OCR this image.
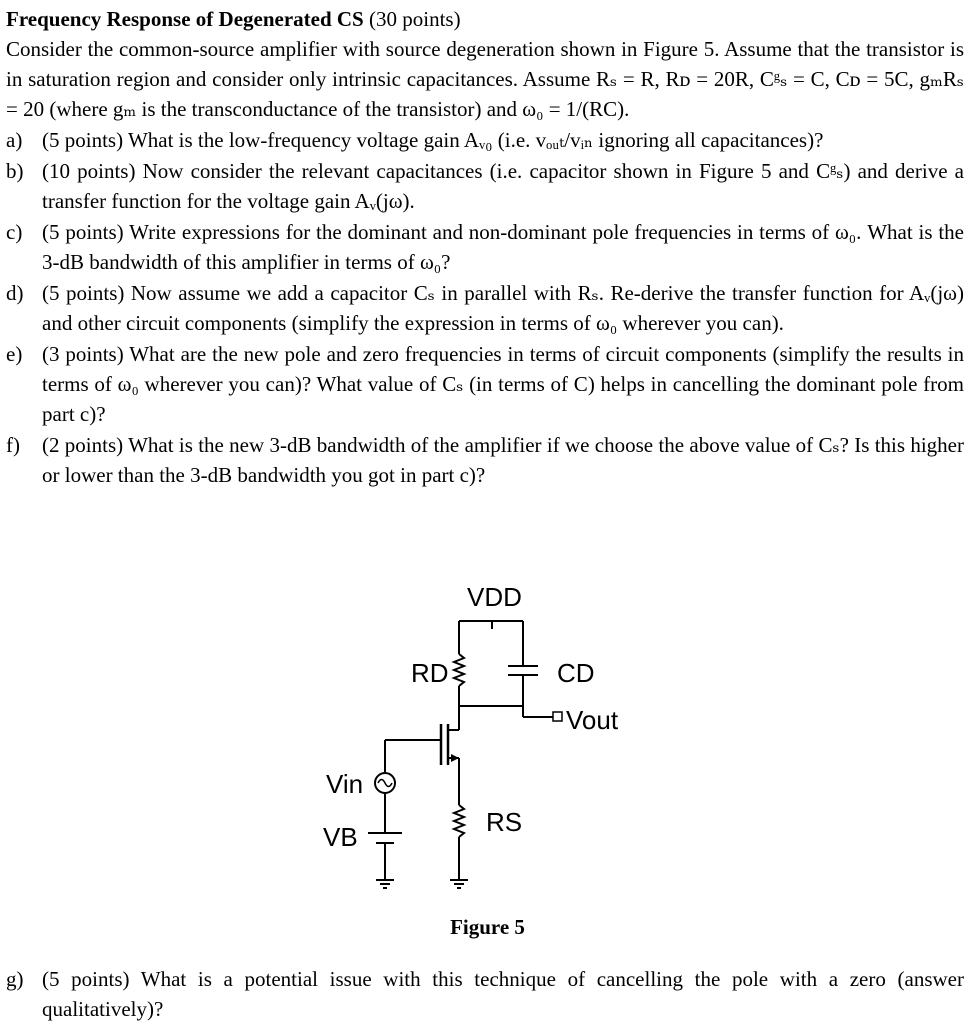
Frequency Response of Degenerated CS (30 points)

Consider the common-source amplifier with source degeneration shown in Figure 5. Assume that the transistor is in saturation region and consider only intrinsic capacitances. Assume Rₛ = R, Rᴅ = 20R, Cᵍₛ = C, Cᴅ = 5C, gₘRₛ = 20 (where gₘ is the transconductance of the transistor) and ω₀ = 1/(RC).

a) (5 points) What is the low-frequency voltage gain Aᵥ₀ (i.e. vₒᵤₜ/vᵢₙ ignoring all capacitances)?
b) (10 points) Now consider the relevant capacitances (i.e. capacitor shown in Figure 5 and Cᵍₛ) and derive a transfer function for the voltage gain Aᵥ(jω).
c) (5 points) Write expressions for the dominant and non-dominant pole frequencies in terms of ω₀. What is the 3-dB bandwidth of this amplifier in terms of ω₀?
d) (5 points) Now assume we add a capacitor Cₛ in parallel with Rₛ. Re-derive the transfer function for Aᵥ(jω) and other circuit components (simplify the expression in terms of ω₀ wherever you can).
e) (3 points) What are the new pole and zero frequencies in terms of circuit components (simplify the results in terms of ω₀ wherever you can)? What value of Cₛ (in terms of C) helps in cancelling the dominant pole from part c)?
f)	(2 points) What is the new 3-dB bandwidth of the amplifier if we choose the above value of Cₛ? Is this higher or lower than the 3-dB bandwidth you got in part c)?
VDD
RD	CD
Vout
Vin
VB	RS
Figure 5
g) (5 points) What is a potential issue with this technique of cancelling the pole with a zero (answer qualitatively)?
